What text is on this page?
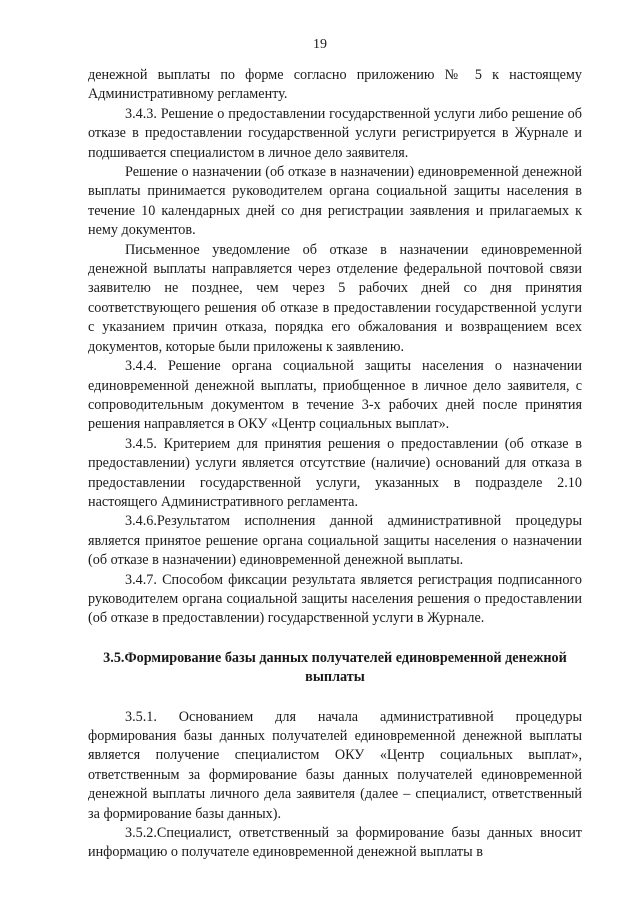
19

денежной выплаты по форме согласно приложению № 5 к настоящему Административному регламенту.

3.4.3. Решение о предоставлении государственной услуги либо решение об отказе в предоставлении государственной услуги регистрируется в Журнале и подшивается специалистом в личное дело заявителя.

Решение о назначении (об отказе в назначении) единовременной денежной выплаты принимается руководителем органа социальной защиты населения в течение 10 календарных дней со дня регистрации заявления и прилагаемых к нему документов.

Письменное уведомление об отказе в назначении единовременной денежной выплаты направляется через отделение федеральной почтовой связи заявителю не позднее, чем через 5 рабочих дней со дня принятия соответствующего решения об отказе в предоставлении государственной услуги с указанием причин отказа, порядка его обжалования и возвращением всех документов, которые были приложены к заявлению.

3.4.4. Решение органа социальной защиты населения о назначении единовременной денежной выплаты, приобщенное в личное дело заявителя, с сопроводительным документом в течение 3-х рабочих дней после принятия решения направляется в ОКУ «Центр социальных выплат».

3.4.5. Критерием для принятия решения о предоставлении (об отказе в предоставлении) услуги является отсутствие (наличие) оснований для отказа в предоставлении государственной услуги, указанных в подразделе 2.10 настоящего Административного регламента.

3.4.6.Результатом исполнения данной административной процедуры является принятое решение органа социальной защиты населения о назначении (об отказе в назначении) единовременной денежной выплаты.

3.4.7. Способом фиксации результата является регистрация подписанного руководителем органа социальной защиты населения решения о предоставлении (об отказе в предоставлении) государственной услуги в Журнале.

3.5.Формирование базы данных получателей единовременной денежной выплаты

3.5.1. Основанием для начала административной процедуры формирования базы данных получателей единовременной денежной выплаты является получение специалистом ОКУ «Центр социальных выплат», ответственным за формирование базы данных получателей единовременной денежной выплаты личного дела заявителя (далее – специалист, ответственный за формирование базы данных).

3.5.2.Специалист, ответственный за формирование базы данных вносит информацию о получателе единовременной денежной выплаты в
